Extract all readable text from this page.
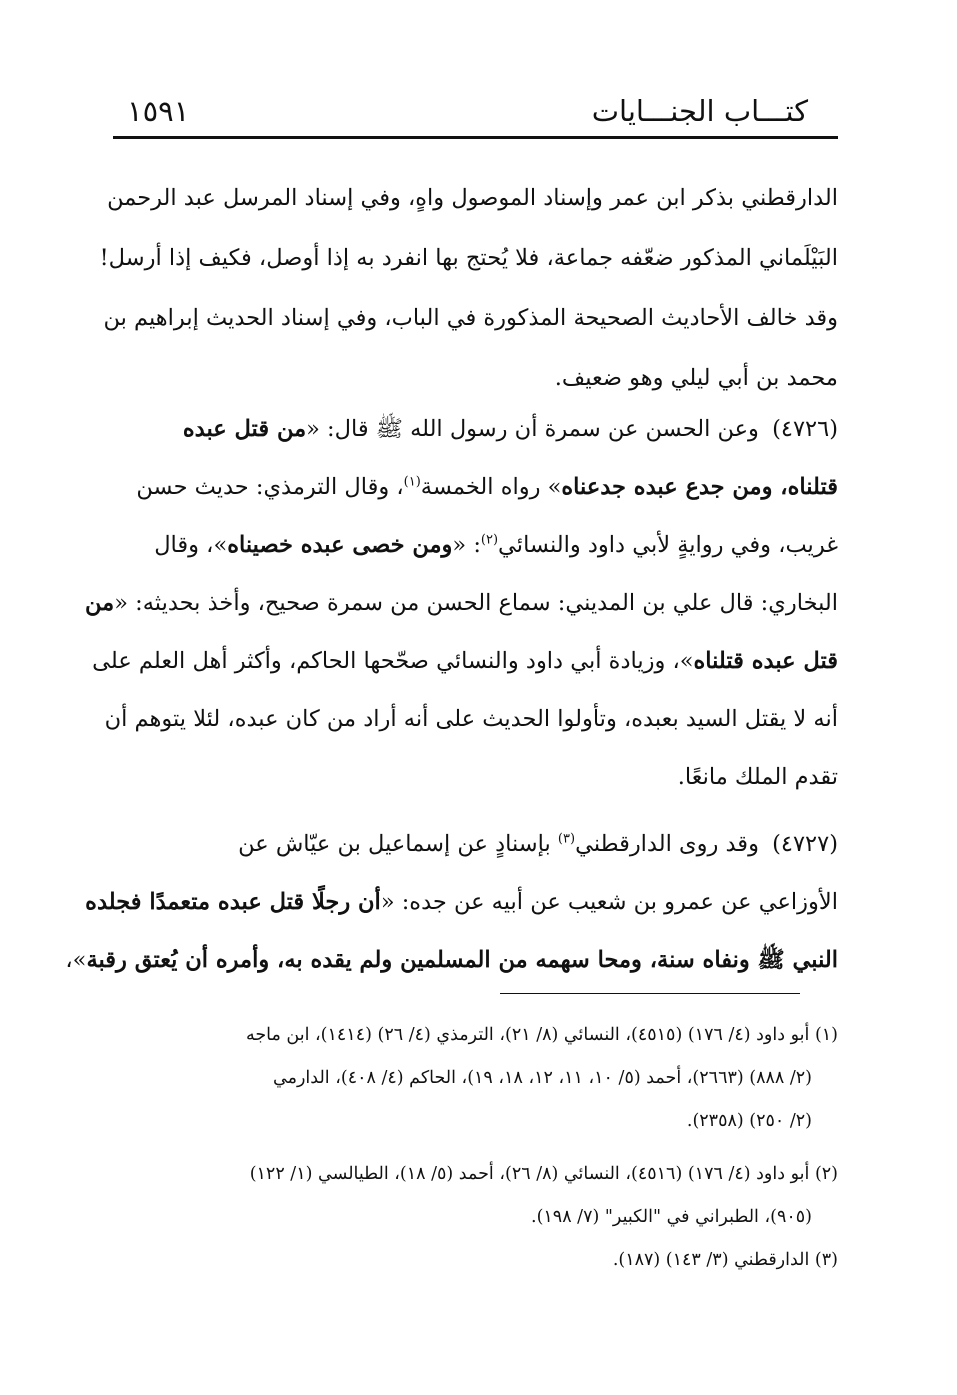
كتـــاب الجنـــايات
١٥٩١
الدارقطني بذكر ابن عمر وإسناد الموصول واهٍ، وفي إسناد المرسل عبد الرحمن
البَيْلَماني المذكور ضعّفه جماعة، فلا يُحتج بها انفرد به إذا أوصل، فكيف إذا أرسل!
وقد خالف الأحاديث الصحيحة المذكورة في الباب، وفي إسناد الحديث إبراهيم بن
محمد بن أبي ليلي وهو ضعيف.
(٤٧٢٦) وعن الحسن عن سمرة أن رسول الله ﷺ قال: «من قتل عبده
قتلناه، ومن جدع عبده جدعناه» رواه الخمسة$^{(١)}$، وقال الترمذي: حديث حسن
غريب، وفي روايةٍ لأبي داود والنسائي$^{(٢)}$: «ومن خصى عبده خصيناه»، وقال
البخاري: قال علي بن المديني: سماع الحسن من سمرة صحيح، وأخذ بحديثه: «من
قتل عبده قتلناه»، وزيادة أبي داود والنسائي صحّحها الحاكم، وأكثر أهل العلم على
أنه لا يقتل السيد بعبده، وتأولوا الحديث على أنه أراد من كان عبده، لئلا يتوهم أن
تقدم الملك مانعًا.
(٤٧٢٧) وقد روى الدارقطني$^{(٣)}$ بإسنادٍ عن إسماعيل بن عيّاش عن
الأوزاعي عن عمرو بن شعيب عن أبيه عن جده: «أن رجلًا قتل عبده متعمدًا فجلده
النبي ﷺ ونفاه سنة، ومحا سهمه من المسلمين ولم يقده به، وأمره أن يُعتق رقبة»،
(١) أبو داود (٤/ ١٧٦) (٤٥١٥)، النسائي (٨/ ٢١)، الترمذي (٤/ ٢٦) (١٤١٤)، ابن ماجه
(٢/ ٨٨٨) (٢٦٦٣)، أحمد (٥/ ١٠، ١١، ١٢، ١٨، ١٩)، الحاكم (٤/ ٤٠٨)، الدارمي
(٢/ ٢٥٠) (٢٣٥٨).
(٢) أبو داود (٤/ ١٧٦) (٤٥١٦)، النسائي (٨/ ٢٦)، أحمد (٥/ ١٨)، الطيالسي (١/ ١٢٢)
(٩٠٥)، الطبراني في "الكبير" (٧/ ١٩٨).
(٣) الدارقطني (٣/ ١٤٣) (١٨٧).
